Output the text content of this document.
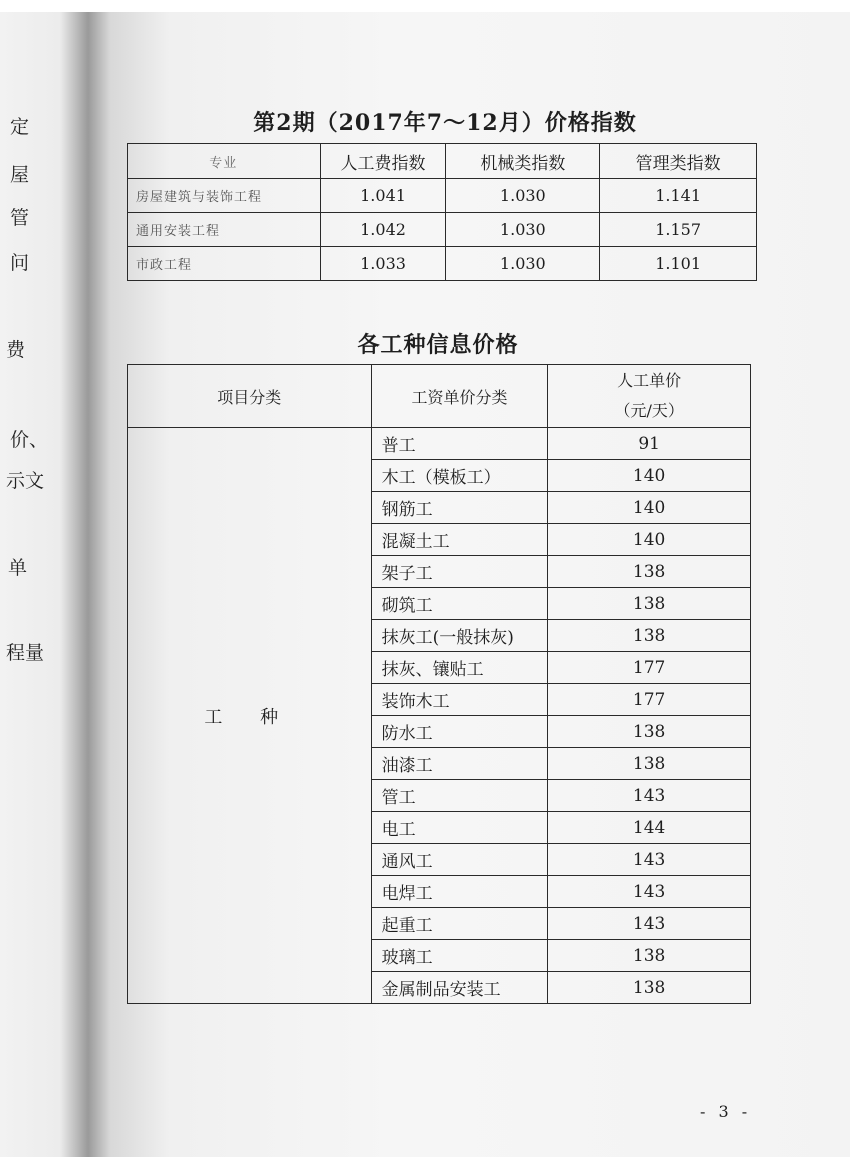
定
屋
管
问
费
价、
示文
单
程量
第2期（2017年7～12月）价格指数
专业	人工费指数	机械类指数	管理类指数
房屋建筑与装饰工程	1.041	1.030	1.141
通用安装工程	1.042	1.030	1.157
市政工程	1.033	1.030	1.101
各工种信息价格
项目分类	工资单价分类	人工单价
（元/天）
工 种	普工	91
	木工（模板工）	140
	钢筋工	140
	混凝土工	140
	架子工	138
	砌筑工	138
	抹灰工(一般抹灰)	138
	抹灰、镶贴工	177
	装饰木工	177
	防水工	138
	油漆工	138
	管工	143
	电工	144
	通风工	143
	电焊工	143
	起重工	143
	玻璃工	138
	金属制品安装工	138
- 3 -
